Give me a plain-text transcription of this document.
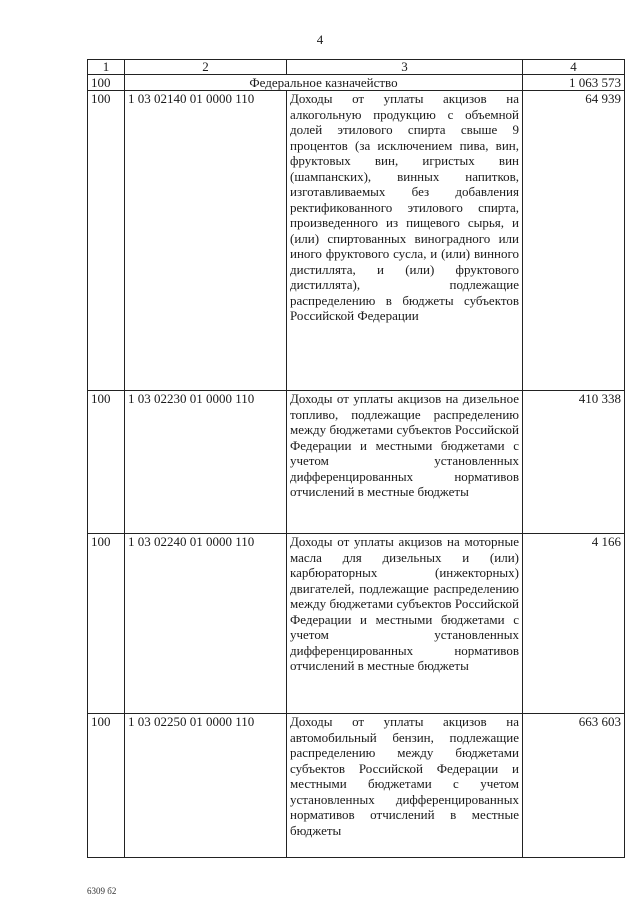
4
1	2	3	4
100	Федеральное казначейство		1 063 573
100	1 03 02140 01 0000 110	Доходы от уплаты акцизов на алкогольную продукцию с объемной долей этилового спирта свыше 9 процентов (за исключением пива, вин, фруктовых вин, игристых вин (шампанских), винных напитков, изготавливаемых без добавления ректификованного этилового спирта, произведенного из пищевого сырья, и (или) спиртованных виноградного или иного фруктового сусла, и (или) винного дистиллята, и (или) фруктового дистиллята), подлежащие распределению в бюджеты субъектов Российской Федерации	64 939
100	1 03 02230 01 0000 110	Доходы от уплаты акцизов на дизельное топливо, подлежащие распределению между бюджетами субъектов Российской Федерации и местными бюджетами с учетом установленных дифференцированных нормативов отчислений в местные бюджеты	410 338
100	1 03 02240 01 0000 110	Доходы от уплаты акцизов на моторные масла для дизельных и (или) карбюраторных (инжекторных) двигателей, подлежащие распределению между бюджетами субъектов Российской Федерации и местными бюджетами с учетом установленных дифференцированных нормативов отчислений в местные бюджеты	4 166
100	1 03 02250 01 0000 110	Доходы от уплаты акцизов на автомобильный бензин, подлежащие распределению между бюджетами субъектов Российской Федерации и местными бюджетами с учетом установленных дифференцированных нормативов отчислений в местные бюджеты	663 603
6309 б2
